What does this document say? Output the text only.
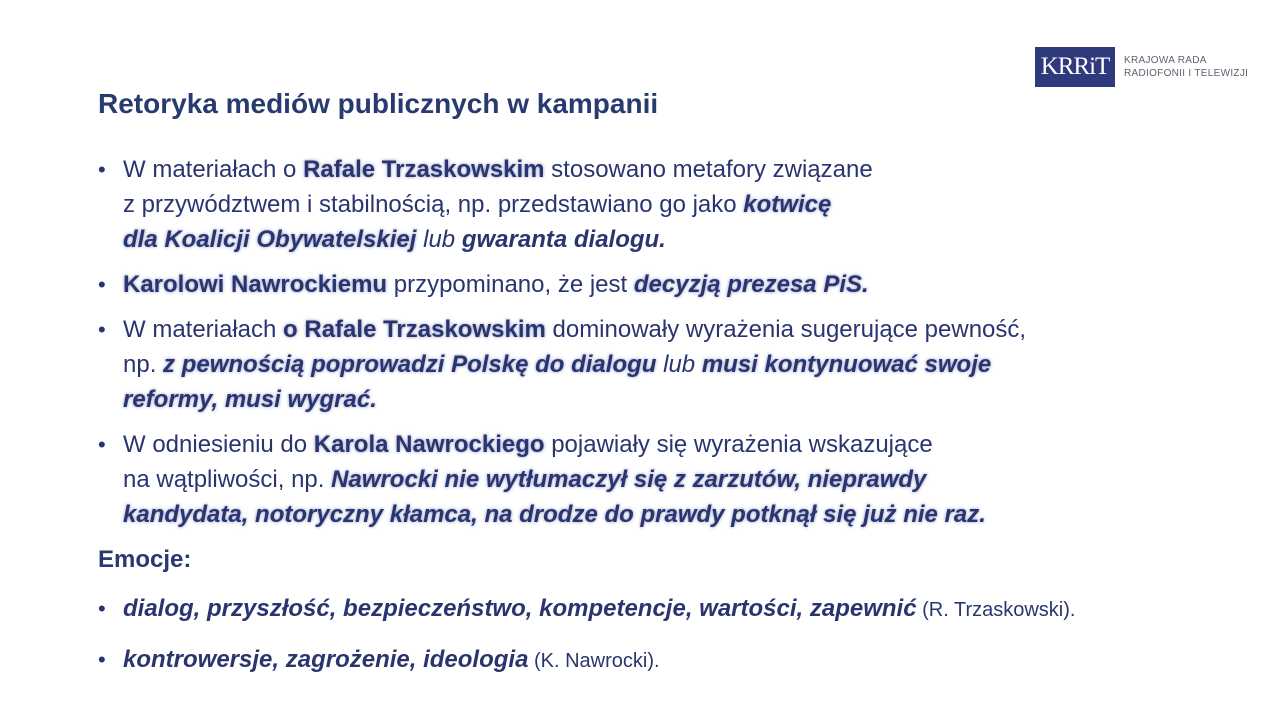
KRRiT	KRAJOWA RADA
RADIOFONII I TELEWIZJI
Retoryka mediów publicznych w kampanii
• W materiałach o Rafale Trzaskowskim stosowano metafory związane
z przywództwem i stabilnością, np. przedstawiano go jako kotwicę
dla Koalicji Obywatelskiej lub gwaranta dialogu.
• Karolowi Nawrockiemu przypominano, że jest decyzją prezesa PiS.
• W materiałach o Rafale Trzaskowskim dominowały wyrażenia sugerujące pewność,
np. z pewnością poprowadzi Polskę do dialogu lub musi kontynuować swoje
reformy, musi wygrać.
• W odniesieniu do Karola Nawrockiego pojawiały się wyrażenia wskazujące
na wątpliwości, np. Nawrocki nie wytłumaczył się z zarzutów, nieprawdy
kandydata, notoryczny kłamca, na drodze do prawdy potknął się już nie raz.
Emocje:
• dialog, przyszłość, bezpieczeństwo, kompetencje, wartości, zapewnić (R. Trzaskowski).
• kontrowersje, zagrożenie, ideologia (K. Nawrocki).
